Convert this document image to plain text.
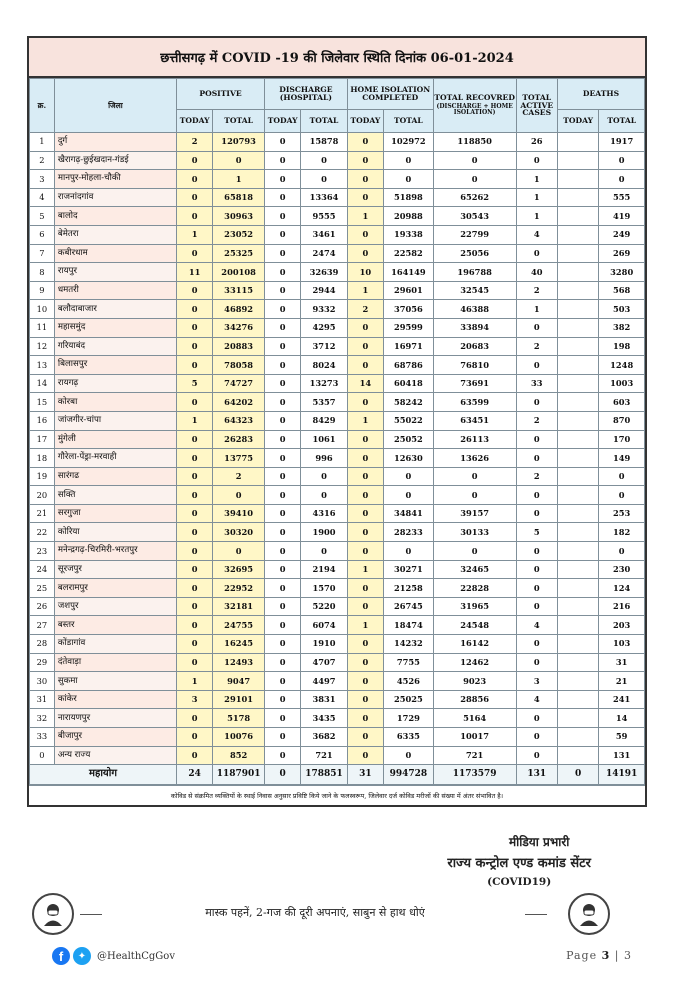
छत्तीसगढ़ में COVID -19 की जिलेवार स्थिति दिनांक 06-01-2024
क्र.	जिला	POSITIVE		DISCHARGE (HOSPITAL)		HOME ISOLATION COMPLETED		TOTAL RECOVRED
(DISCHARGE + HOME ISOLATION)	TOTAL ACTIVE CASES	DEATHS	
		TODAY	TOTAL	TODAY	TOTAL	TODAY	TOTAL			TODAY	TOTAL
1	दुर्ग	2	120793	0	15878	0	102972	118850	26		1917
2	खैरागढ़-छुईखदान-गंडई	0	0	0	0	0	0	0	0		0
3	मानपुर-मोहला-चौकी	0	1	0	0	0	0	0	1		0
4	राजनांदगांव	0	65818	0	13364	0	51898	65262	1		555
5	बालोद	0	30963	0	9555	1	20988	30543	1		419
6	बेमेतरा	1	23052	0	3461	0	19338	22799	4		249
7	कबीरधाम	0	25325	0	2474	0	22582	25056	0		269
8	रायपुर	11	200108	0	32639	10	164149	196788	40		3280
9	धमतरी	0	33115	0	2944	1	29601	32545	2		568
10	बलौदाबाजार	0	46892	0	9332	2	37056	46388	1		503
11	महासमुंद	0	34276	0	4295	0	29599	33894	0		382
12	गरियाबंद	0	20883	0	3712	0	16971	20683	2		198
13	बिलासपुर	0	78058	0	8024	0	68786	76810	0		1248
14	रायगढ़	5	74727	0	13273	14	60418	73691	33		1003
15	कोरबा	0	64202	0	5357	0	58242	63599	0		603
16	जांजगीर-चांपा	1	64323	0	8429	1	55022	63451	2		870
17	मुंगेली	0	26283	0	1061	0	25052	26113	0		170
18	गौरेला-पेंड्रा-मरवाही	0	13775	0	996	0	12630	13626	0		149
19	सारंगढ	0	2	0	0	0	0	0	2		0
20	सक्ति	0	0	0	0	0	0	0	0		0
21	सरगुजा	0	39410	0	4316	0	34841	39157	0		253
22	कोरिया	0	30320	0	1900	0	28233	30133	5		182
23	मनेन्द्रगढ़-चिरमिरी-भरतपुर	0	0	0	0	0	0	0	0		0
24	सूरजपुर	0	32695	0	2194	1	30271	32465	0		230
25	बलरामपुर	0	22952	0	1570	0	21258	22828	0		124
26	जशपुर	0	32181	0	5220	0	26745	31965	0		216
27	बस्तर	0	24755	0	6074	1	18474	24548	4		203
28	कोंडागांव	0	16245	0	1910	0	14232	16142	0		103
29	दंतेवाड़ा	0	12493	0	4707	0	7755	12462	0		31
30	सुकमा	1	9047	0	4497	0	4526	9023	3		21
31	कांकेर	3	29101	0	3831	0	25025	28856	4		241
32	नारायणपुर	0	5178	0	3435	0	1729	5164	0		14
33	बीजापुर	0	10076	0	3682	0	6335	10017	0		59
0	अन्य राज्य	0	852	0	721	0	0	721	0		131
महायोग		24	1187901	0	178851	31	994728	1173579	131	0	14191
कोविड से संक्रमित व्यक्तियों के स्थाई निवास अनुसार प्रविष्टि किये जाने के फलस्वरूप, जिलेवार दर्ज कोविड मरीजों की संख्या में अंतर संभावित है।
मीडिया प्रभारी
राज्य कन्ट्रोल एण्ड कमांड सेंटर
(COVID19)
मास्क पहनें, 2-गज की दूरी अपनाएं, साबुन से हाथ धोएं
f	✦	@HealthCgGov	Page 3 | 3
